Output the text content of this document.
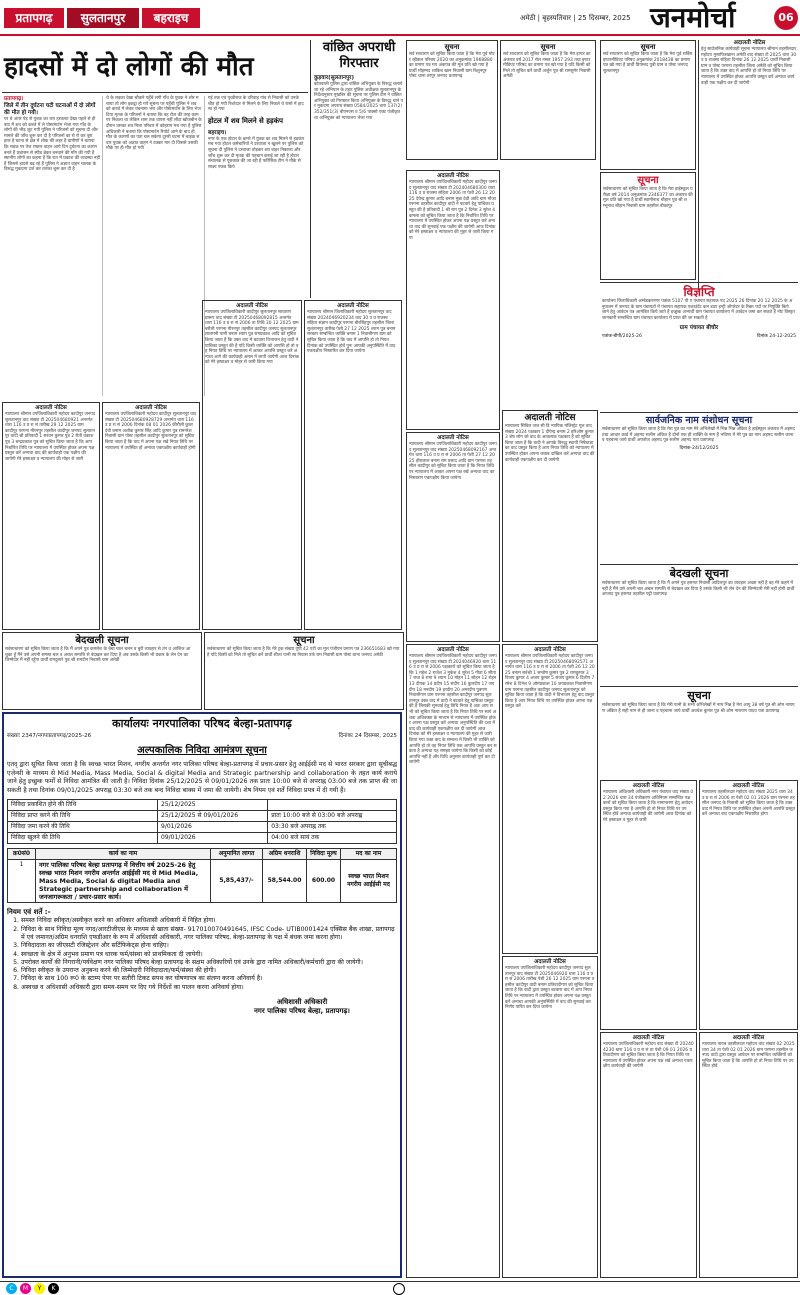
प्रतापगढ़	सुलतानपुर	बहराइच	अमेठी | बृहस्पतिवार | 25 दिसम्बर, 2025 जनमोर्चा	06
हादसों में दो लोगों की मौत
प्रतापगढ़।
जिले में तीन दुर्घटना घटी घटनाओं में दो लोगों की मौत हो गयी।
पर थे अंतर पेड़ से युवक का जय हरवलत देखा पहले से ही बाद में शव को कब्जे में ले पोस्टमार्टम भेजा गया गाँव के लोगों की भीड़ जुट गयी पुलिस ने परिजनों को सूचना दी और मामले की जाँच शुरू कर दी है परिजनों का रो रो कर बुरा हाल है घटना से क्षेत्र में शोक की लहर है ग्रामीणों ने बताया कि सड़क पर तेज रफ्तार वाहन आये दिन दुर्घटना का कारण बनते हैं प्रशासन से स्पीड ब्रेकर बनवाने की माँग की गयी है स्थानीय लोगों का कहना है कि रात में प्रकाश की व्यवस्था नहीं है जिससे हादसे बढ़ रहे हैं पुलिस ने अज्ञात वाहन चालक के विरुद्ध मुकदमा दर्ज कर तलाश शुरू कर दी है
थे के लड़का देखा चौकने पहुँचे लगी गाँव के युवक ने शोर मचाया तो लोग इकट्ठा हो गये सूचना पर पहुँची पुलिस ने शव को कब्जे में लेकर पंचनामा भरा और पोस्टमार्टम के लिए भेज दिया मृतक के परिजनों ने बताया कि वह रोज की तरह काम पर निकला था लेकिन शाम तक वापस नहीं लौटा खोजबीन के दौरान उसका शव मिला परिवार में कोहराम मच गया है पुलिस अधिकारी ने बताया कि पोस्टमार्टम रिपोर्ट आने के बाद ही मौत के कारणों का पता चल सकेगा दूसरी घटना में बाइक सवार युवक को अज्ञात वाहन ने टक्कर मार दी जिससे उसकी मौके पर ही मौत हो गयी
गई तक एवं पृथ्वीराज के दरिवाह गांव से निवासी को उनके चीत हो गयी रिश्तेदार से मिलने के लिए निकले थे रास्ते में हादसा हो गया
होटल में शव मिलने से हड़कंप
बहराइच।
नगर के एक होटल के कमरे में युवक का शव मिलने से हड़कंप मच गया होटल कर्मचारियों ने दरवाजा न खुलने पर पुलिस को सूचना दी पुलिस ने दरवाजा तोड़कर शव बाहर निकाला और जाँच शुरू कर दी मृतक की पहचान कराई जा रही है होटल संचालक से पूछताछ की जा रही है फॉरेंसिक टीम ने मौके से साक्ष्य एकत्र किये
वांछित अपराधी गिरफ्तार
कुड़वार(सुलतानपुर)
कोतवाली पुलिस द्वारा वांछित अभियुक्त के विरुद्ध चलाये जा रहे अभियान के तहत पुलिस अधीक्षक सुलतानपुर के निर्देशानुसार मुखबिर की सूचना पर पुलिस टीम ने वांछित अभियुक्त को गिरफ्तार किया अभियुक्त के विरुद्ध थाने पर मुकदमा अपराध संख्या 0584/2025 धारा 137(2) 352/351(3) बीएनएस व 5/6 पाक्सो एक्ट पंजीकृत था अभियुक्त को न्यायालय भेजा गया
सूचना
सर्व साधारण को सूचित किया जाता है कि मेरा पूर्व मोटर व्हीकल परिचय 2020 का अनुक्रमांक 1968880 का प्रमाण पत्र मय अंकपत्र की मूल प्रति खो गया है प्रार्थी मोहम्मद शाकिब खान निवासी ग्राम बिशुनपुर पोस्ट थाना तरपुर जनपद प्रतापगढ़
सूचना
सर्व साधारण को सूचित किया जाता है कि मेरा इण्टर का अंकपत्र वर्ष 2017 रोल नम्बर 1957 293 तथा इण्टरमीडिएट परिषद का प्रमाण पत्र खो गया है यदि किसी को मिले तो सूचित करें प्रार्थी अर्जुन पुत्र श्री रामसुमेर निवासी अमेठी
सूचना
सर्व साधारण को सूचित किया जाता है कि मेरा पूर्व सर्विस इण्टरमीडिएट परिषद अनुक्रमांक 2018438 का प्रमाण पत्र खो गया है प्रार्थी प्रियम्बद पुत्री ग्राम व पोस्ट जनपद सुलतानपुर
अदालती नोटिस
हेतु सार्वजनिक कार्यवाही सूचना न्यायालय श्रीमान तहसीलदार महोदय मुसाफिरखाना अमेठी वाद संख्या टी 2025 धारा 30 उ प्र राजस्व संहिता दिनांक 26 12 2025 प्रार्थी निवासी ग्राम व पोस्ट परगना तहसील जिला अमेठी को सूचित किया जाता है कि उक्त वाद में आपत्ति हो तो नियत तिथि पर न्यायालय में उपस्थित होकर आपत्ति प्रस्तुत करें अन्यथा कार्यवाही एक पक्षीय कर दी जायेगी
अदालती नोटिस
न्यायालय श्रीमान उपजिलाधिकारी महोदय कादीपुर जनपद सुलतानपुर वाद संख्या टी 202504680921 अन्तर्गत धारा 116 उ प्र रा सं तारीख 29 12 2025 ग्राम कादीपुर परगना मीरनपुर तहसील कादीपुर जनपद सुलतानपुर वादी श्री प्रतिवादी 1 सरवन कुमार पुत्र 2 रीती प्रकाश पुत्र 3 चन्द्रप्रकाश पुत्र को सूचित किया जाता है कि आप निर्धारित तिथि पर न्यायालय में उपस्थित होकर अपना पक्ष प्रस्तुत करें अन्यथा वाद की कार्यवाही एक पक्षीय की जायेगी मेरे हस्ताक्षर व न्यायालय की मोहर से जारी
अदालती नोटिस
न्यायालय उपजिलाधिकारी महोदय कादीपुर सुलतानपुर वाद संख्या टी 202504680928729 अन्तर्गत धारा 116 उ प्र रा सं 2006 दिनांक 08 01 2026 कीरौली कुवर देवी बनाम अशोक कुमार सिंह आदि कुमार पुत्र रामनरेश निवासी ग्राम पोस्ट तहसील कादीपुर सुलतानपुर को सूचित किया जाता है कि वाद में अपना पक्ष रखें नियत तिथि पर न्यायालय में उपस्थित हों अन्यथा एकपक्षीय कार्यवाही होगी
अदालती नोटिस
न्यायालय उपजिलाधिकारी कादीपुर सुलतानपुर साधारण प्रारूप वाद संख्या टी 20250468092815 अन्तर्गत धारा 116 उ प्र रा सं 2006 ता तिथि 30 12 2025 ग्राम बरौली परगना मीरनपुर तहसील कादीपुर जनपद सुलतानपुर लालमनी पत्नी बनाम श्याम पुत्र रामप्रकाश आदि को सूचित किया जाता है कि उक्त वाद में बटवारा विभाजन हेतु वादी ने याचिका प्रस्तुत की है यदि किसी व्यक्ति को आपत्ति हो तो वह नियत तिथि पर न्यायालय में आकर आपत्ति प्रस्तुत करे अन्यथा आगे की कार्यवाही अमल में लायी जायेगी आज दिनांक को मेरे हस्ताक्षर व मोहर से जारी किया गया
अदालती नोटिस
न्यायालय श्रीमान जिलाधिकारी महोदय सुलतानपुर वाद संख्या 2024046920234 वाद 30 उ प्र राजस्व संहिता संज्ञान कादीपुर परगना बीरसिंहपुर तहसील जिला सुलतानपुर तारीख पेशी 27 12 2025 श्याम पुत्र बनाम सरकार सम्बन्धित व्यक्ति बनाम 1 निवासीगण ग्राम को सूचित किया जाता है कि वाद में आपत्ति हो तो नियत दिनांक को उपस्थित होवें पुनः आपकी अनुपस्थिति में वाद एकपक्षीय निस्तारित कर दिया जायेगा
बेदखली सूचना
सर्वसाधारण को सूचित किया जाता है कि मैं अपने पुत्र कमलेश के बेचा चाल चलन व बुरी व्यवहार से तंग व आजिज आ चुका हूँ मैंने उसे अपनी समस्त चल व अचल सम्पत्ति से बेदखल कर दिया है अब उसके किसी भी प्रकार के लेन देन का जिम्मेदार मैं नहीं रहूँगा प्रार्थी रामदुलारे पुत्र श्री रामदीन निवासी ग्राम अमेठी
सूचना
सर्वसाधारण को सूचित किया जाता है कि मेरे ट्रक संख्या यूपी 42 एटी का मूल पंजीयन प्रमाण पत्र 236651683 खो गया है यदि किसी को मिले तो सूचित करें प्रार्थी शीला पत्नी स्व निवास उर्फ राम निवासी ग्राम पोस्ट थाना जनपद अमेठी
कार्यालयः नगरपालिका परिषद बेल्हा-प्रतापगढ़
संख्याः 2347/नगपाप्रतापगढ़/2025-26	दिनांकः 24 दिसम्बर, 2025
अल्पकालिक निविदा आमंत्रण सूचना
एतद् द्वारा सूचित किया जाता है कि स्वच्छ भारत मिशन, नगरीय अन्तर्गत नगर पालिका परिषद बेल्हा-प्रतापगढ़ में प्रचार-प्रसार हेतु आईईसी मद से भारत सरकार द्वारा सूचीबद्ध एजेन्सी के माध्यम से Mid Media, Mass Media, Social & digital Media and Strategic partnership and collaboration के तहत कार्य कराये जाने हेतु इच्छुक फर्मों से निविदा आमंत्रित की जाती है। निविदा दिनांक 25/12/2025 से 09/01/2026 तक प्रातः 10:00 बजे से अपराह्न 03:00 बजे तक प्राप्त की जा सकती है तथा दिनांक 09/01/2025 अपराह्न 03:30 बजे तक बन्द निविदा बाक्स में जमा की जायेगी। शेष नियम एवं शर्तें निविदा प्रपत्र में दी गयी हैं।
निविदा प्रकाशित होने की तिथि	25/12/2025	
निविदा प्राप्त करने की तिथि	25/12/2025 से 09/01/2026	प्रातः 10:00 बजे से 03:00 बजे अपराह्न
निविदा जमा करने की तिथि	9/01/2026	03:30 बजे अपराह्न तक
निविदा खुलने की तिथि	09/01/2026	04:00 बजे सायं तक
क्र0सं0	कार्य का नाम	अनुमानित लागत	अग्रिम धनराशि	निविदा मूल्य	मद का नाम
1	नगर पालिका परिषद बेल्हा प्रतापगढ़ में वित्तीय वर्ष 2025-26 हेतु स्वच्छ भारत मिशन नगरीय अन्तर्गत आईईसी मद से Mid Media, Mass Media, Social & digital Media and Strategic partnership and collaboration में जनजागरूकता / प्रचार-प्रसार कार्य।	5,85,437/-	58,544.00	600.00	स्वच्छ भारत मिशन नगरीय आईईसी मद
नियम एवं शर्ते :-
1. समस्त निविदा स्वीकृत/अस्वीकृत करने का अधिकार अधिशासी अधिकारी में निहित होगा।
2. निविदा के साथ निविदा मूल्य नगद/आरटीजीएस के माध्यम से खाता संख्या- 917010070491645, IFSC Code- UTIB0001424 एक्सिस बैंक शाखा, प्रतापगढ़ में एवं जमानत/अग्रिम धनराशि एफडीआर के रूप में अधिशासी अधिकारी, नगर पालिका परिषद, बेल्हा-प्रतापगढ़ के पक्ष में बंधक जमा करना होगा।
3. निविदादाता का जीएसटी रजिस्ट्रेशन और सर्टिफिकेट्स होना चाहिए।
4. स्वच्छता के क्षेत्र में अनुभव प्रमाण पत्र धारक फर्म/संस्था को प्राथमिकता दी जायेगी।
5. उपरोक्त कार्यों की निगरानी/पर्यवेक्षण नगर पालिका परिषद बेल्हा प्रतापगढ़ के सक्षम अधिकारियों एवं उनके द्वारा नामित अधिकारी/कर्मचारी द्वारा की जायेगी।
6. निविदा स्वीकृत के उपरान्त अनुबन्ध करने की जिम्मेदारी निविदादाता/फर्म/संस्था की होगी।
7. निविदा के साथ 100 रू0 के स्टाम्प पेपर पर सतीरी टिकट सपथ कर घोषणापत्र का संलग्न करना अनिवार्य है।
8. अस्वच्छ व अधिशासी अधिकारी द्वारा समय-समय पर दिए गये निर्देशों का पालन करना अनिवार्य होगा।
अधिशासी अधिकारी
नगर पालिका परिषद बेल्हा, प्रतापगढ़।
अदालती नोटिस
न्यायालय श्रीमान उपजिलाधिकारी महोदय कादीपुर जनपद सुलतानपुर वाद संख्या टी 202404680300 धारा 116 उ प्र राजस्व संहिता 2006 ता पेशी 26 12 2025 देवेन्द्र कुमार आदि बनाम मुन्ना देवी आदि ग्राम मौजा परगना तहसील कादीपुर वादी ने बटवारे हेतु याचिका प्रस्तुत की है प्रतिवादी 1 श्री राम पुत्र 2 दिनेश 3 सुरेश 4 कमला को सूचित किया जाता है कि निर्धारित तिथि पर न्यायालय में उपस्थित होकर अपना पक्ष प्रस्तुत करें अन्यथा वाद की सुनवाई एक पक्षीय की जायेगी आज दिनांक को मेरे हस्ताक्षर व न्यायालय की मुहर से जारी किया गया
अदालती नोटिस
न्यायालय सिविल जज सी डि न्यायिक मजिस्ट्रेट मूल वाद संख्या 2024 पक्षकार 1 दीपेन्द्र बनाम 2 हरिओम कुमार 3 शेष लोग जो वाद के आवश्यक पक्षकार हैं को सूचित किया जाता है कि वादी ने आपके विरुद्ध स्थायी निषेधाज्ञा का वाद प्रस्तुत किया है आप नियत तिथि को न्यायालय में उपस्थित होकर अपना जवाब दाखिल करें अन्यथा वाद की कार्यवाही एकपक्षीय कर दी जायेगी
अदालती नोटिस
न्यायालय श्रीमान उपजिलाधिकारी महोदय कादीपुर जनपद सुलतानपुर वाद संख्या 20250468092167 अन्तर्गत धारा 116 उ प्र रा सं 2006 ता पेशी 27 12 2025 हीरालाल बनाम राम प्रसाद आदि ग्राम परगना तहसील कादीपुर को सूचित किया जाता है कि नियत तिथि पर न्यायालय में आकर अपना पक्ष रखें अन्यथा वाद का निस्तारण एकपक्षीय किया जायेगा
अदालती नोटिस
न्यायालय श्रीमान उपजिलाधिकारी महोदय कादीपुर जनपद सुलतानपुर वाद संख्या टी 2024046920 धारा 116 उ प्र रा सं 2006 पक्षकारों को सूचित किया जाता है कि 1 महेश 2 राजेश 3 मुकेश 4 सुरेश 5 गीता 6 सीता 7 राधा 8 रामा 9 श्याम 10 मोहन 11 सोहन 12 रोहन 13 दीपक 14 प्रदीप 15 संदीप 16 कुलदीप 17 जयदीप 18 मनदीप 19 हरदीप 20 अमरदीप पुत्रगण निवासीगण ग्राम परगना तहसील कादीपुर जनपद सुलतानपुर उक्त वाद में वादी ने बटवारे हेतु याचिका प्रस्तुत की है जिसकी सुनवाई हेतु तिथि नियत है अतः आप सभी को सूचित किया जाता है कि नियत तिथि पर स्वयं अथवा अधिवक्ता के माध्यम से न्यायालय में उपस्थित होकर अपना पक्ष प्रस्तुत करें अन्यथा अनुपस्थिति की दशा में वाद की कार्यवाही एकपक्षीय कर दी जायेगी आज दिनांक को मेरे हस्ताक्षर व न्यायालय की मुहर से जारी किया गया उक्त वाद के सम्बन्ध में किसी भी व्यक्ति को आपत्ति हो तो वह नियत तिथि तक आपत्ति प्रस्तुत कर सकता है अन्यथा यह समझा जायेगा कि किसी को कोई आपत्ति नहीं है और विधि अनुसार कार्यवाही पूर्ण कर दी जायेगी
अदालती नोटिस
न्यायालय श्रीमान उपजिलाधिकारी महोदय कादीपुर जनपद सुलतानपुर वाद संख्या टी 20250468092571 अन्तर्गत धारा 116 उ प्र रा सं 2006 ता पेशी 26 12 2025 बनाम सर्वश्री 1 सन्तोष कुमार पुत्र 2 रामकुमार 3 विजय कुमार 4 अजय कुमार 5 संजय कुमार 6 दिलीप 7 रमेश 8 दिनेश 9 ओमप्रकाश 10 जयप्रकाश निवासीगण ग्राम परगना तहसील कादीपुर जनपद सुलतानपुर को सूचित किया जाता है कि वादी ने विभाजन हेतु वाद प्रस्तुत किया है आप नियत तिथि पर उपस्थित होकर अपना पक्ष प्रस्तुत करें
अदालती नोटिस
न्यायालय उपजिलाधिकारी महोदय कादीपुर जनपद सुलतानपुर वाद संख्या टी 2025046920 धारा 116 उ प्र रा सं 2006 तारीख पेशी 26 12 2025 ग्राम परगना तहसील कादीपुर वादी बनाम प्रतिवादीगण को सूचित किया जाता है कि वादी द्वारा प्रस्तुत बटवारा वाद में आप नियत तिथि पर न्यायालय में उपस्थित होकर अपना पक्ष प्रस्तुत करें अन्यथा आपकी अनुपस्थिति में वाद की सुनवाई कर निर्णय पारित कर दिया जायेगा
सूचना
सर्वसाधारण को सूचित किया जाता है कि मेरा हाईस्कूल परीक्षा वर्ष 2014 अनुक्रमांक 2346377 का अंकपत्र की मूल प्रति खो गया है प्रार्थी स्वामीनाथ चौहान पुत्र श्री शम्भूनाथ चौहान निवासी ग्राम तहसील बीकापुर
विज्ञप्ति
कार्यालय जिलाधिकारी अम्बेडकरनगर पत्रांक 5107 पी ए पंचायत सहायक पद 2025 26 दिनांक 20 12 2025 के अनुपालन में जनपद के ग्राम पंचायतों में पंचायत सहायक एकाउंटेंट कम डाटा इन्ट्री ऑपरेटर के रिक्त पदों पर नियुक्ति किये जाने हेतु आवेदन पत्र आमंत्रित किये जाते हैं इच्छुक अभ्यर्थी ग्राम पंचायत कार्यालय में आवेदन जमा कर सकते हैं नोट विस्तृत जानकारी सम्बन्धित ग्राम पंचायत कार्यालय में प्राप्त की जा सकती है
ग्राम पंचायत बीचौर
पत्रांक-बीपी/2025-26	दिनांक 24-12-2025
सार्वजनिक नाम संशोधन सूचना
सर्वसाधारण को सूचित किया जाता है कि मेरा पुत्र का नाम मेरे अभिलेखों में भिन्न भिन्न अंकित है हाईस्कूल अंकपत्र में अहमद तथा आधार कार्ड में अहमद सलीम अंकित है दोनों एक ही व्यक्ति के नाम हैं भविष्य में मेरे पुत्र का नाम अहमद सलीम जाना व पहचाना जाये प्रार्थी अफरोज अहमद पुत्र सलीम अहमद पता प्रतापगढ़
दिनांक-24/12/2025
बेदखली सूचना
सर्वसाधारण को सूचित किया जाता है कि मैं अपने पुत्र हसमत निवासी आदिलपुर का व्यवहार अच्छा नहीं है वह मेरे कहने में नहीं है मैंने उसे अपनी चल अचल सम्पत्ति से बेदखल कर दिया है उसके किसी भी लेन देन की जिम्मेदारी मेरी नहीं होगी प्रार्थी आजाद पुत्र हसमत तहसील पट्टी प्रतापगढ़
सूचना
सर्वसाधारण को सूचित किया जाता है कि मेरी पत्नी के सभी अभिलेखों में नाम भिन्न है मेरा आयु 38 वर्ष पुत्र श्री ओम नारायण अंकित है सही नाम से ही जाना व पहचाना जाये प्रार्थी अवधेश कुमार पुत्र श्री ओम नारायण यादव पता प्रतापगढ़
अदालती नोटिस
न्यायालय अधिशासी अधिकारी नगर पंचायत वाद संख्या 02 2026 धारा 34 पंजीकरण अधिनियम सम्बन्धित पक्षकारों को सूचित किया जाता है कि नामान्तरण हेतु आवेदन प्रस्तुत किया गया है आपत्ति हो तो नियत तिथि पर उपस्थित होवें अन्यथा कार्यवाही की जायेगी आज दिनांक को मेरे हस्ताक्षर व मुहर से जारी
अदालती नोटिस
न्यायालय तहसीलदार महोदय वाद संख्या 2025 धारा 34 उ प्र रा सं 2006 ता पेशी 02 01 2026 ग्राम परगना तहसील जनपद के निवासी को सूचित किया जाता है कि उक्त वाद में नियत तिथि पर उपस्थित होकर अपनी आपत्ति प्रस्तुत करें अन्यथा वाद एकपक्षीय निस्तारित होगा
अदालती नोटिस
न्यायालय उपजिलाधिकारी महोदय वाद संख्या टी 202404230 धारा 116 उ प्र रा सं ता पेशी 09 01 2026 प्रतिवादीगण को सूचित किया जाता है कि नियत तिथि पर न्यायालय में उपस्थित होकर अपना पक्ष रखें अन्यथा एकपक्षीय कार्यवाही की जायेगी
अदालती नोटिस
न्यायालय नायब तहसीलदार महोदय वाद संख्या 02 2025 धारा 34 ता पेशी 02 01 2026 ग्राम परगना तहसील जनपद वादी द्वारा प्रस्तुत आवेदन पर सम्बन्धित व्यक्तियों को सूचित किया जाता है कि आपत्ति हो तो नियत तिथि पर उपस्थित होवें
C	M	Y	K
